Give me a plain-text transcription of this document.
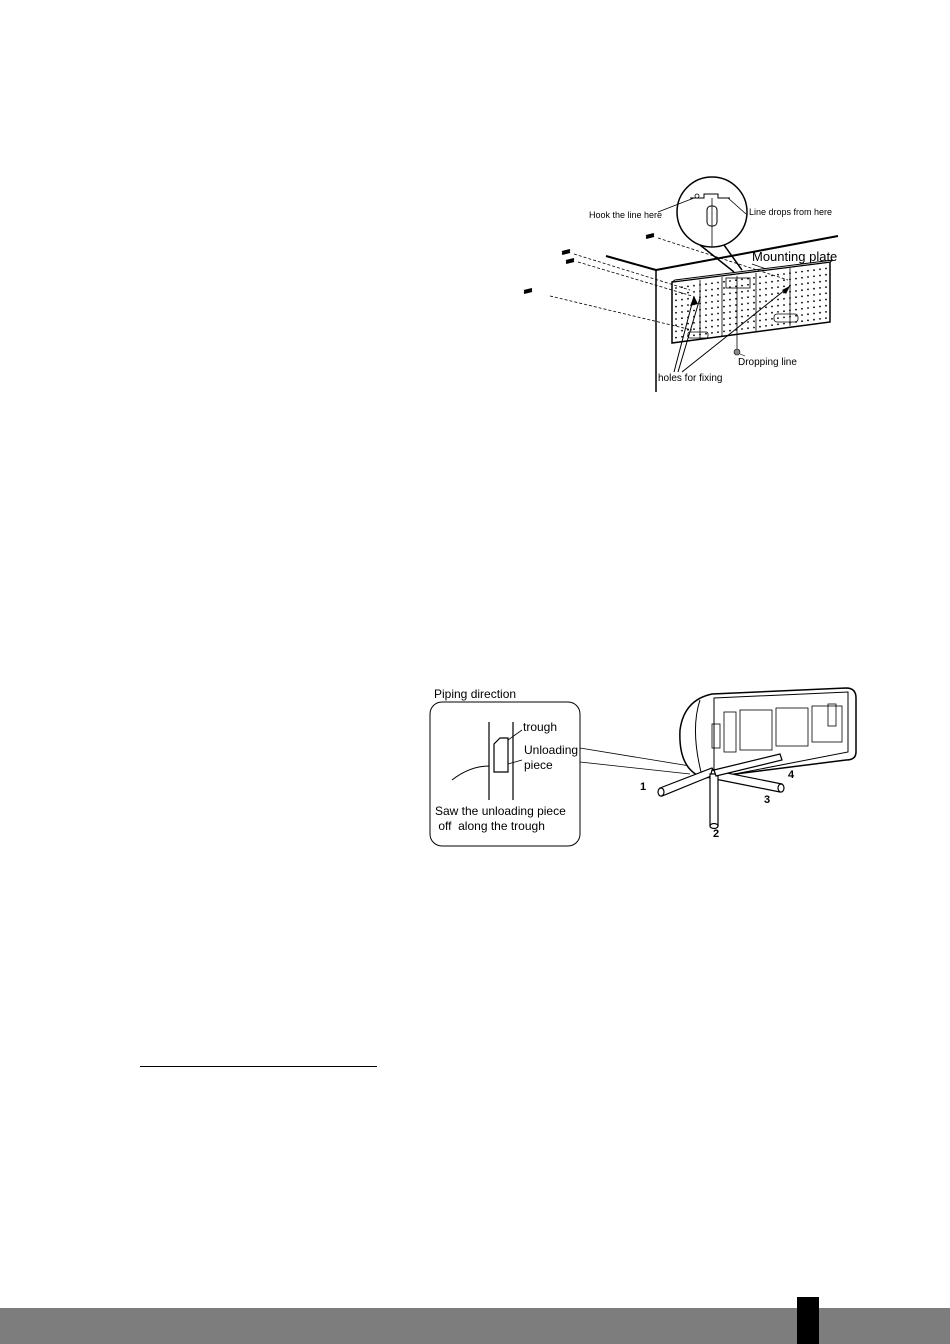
Hook the line here	Line drops from here
Mounting plate
Dropping line
holes for fixing
Piping direction
trough
Unloading
piece
Saw the unloading piece
off  along the trough
1
2
3
4
